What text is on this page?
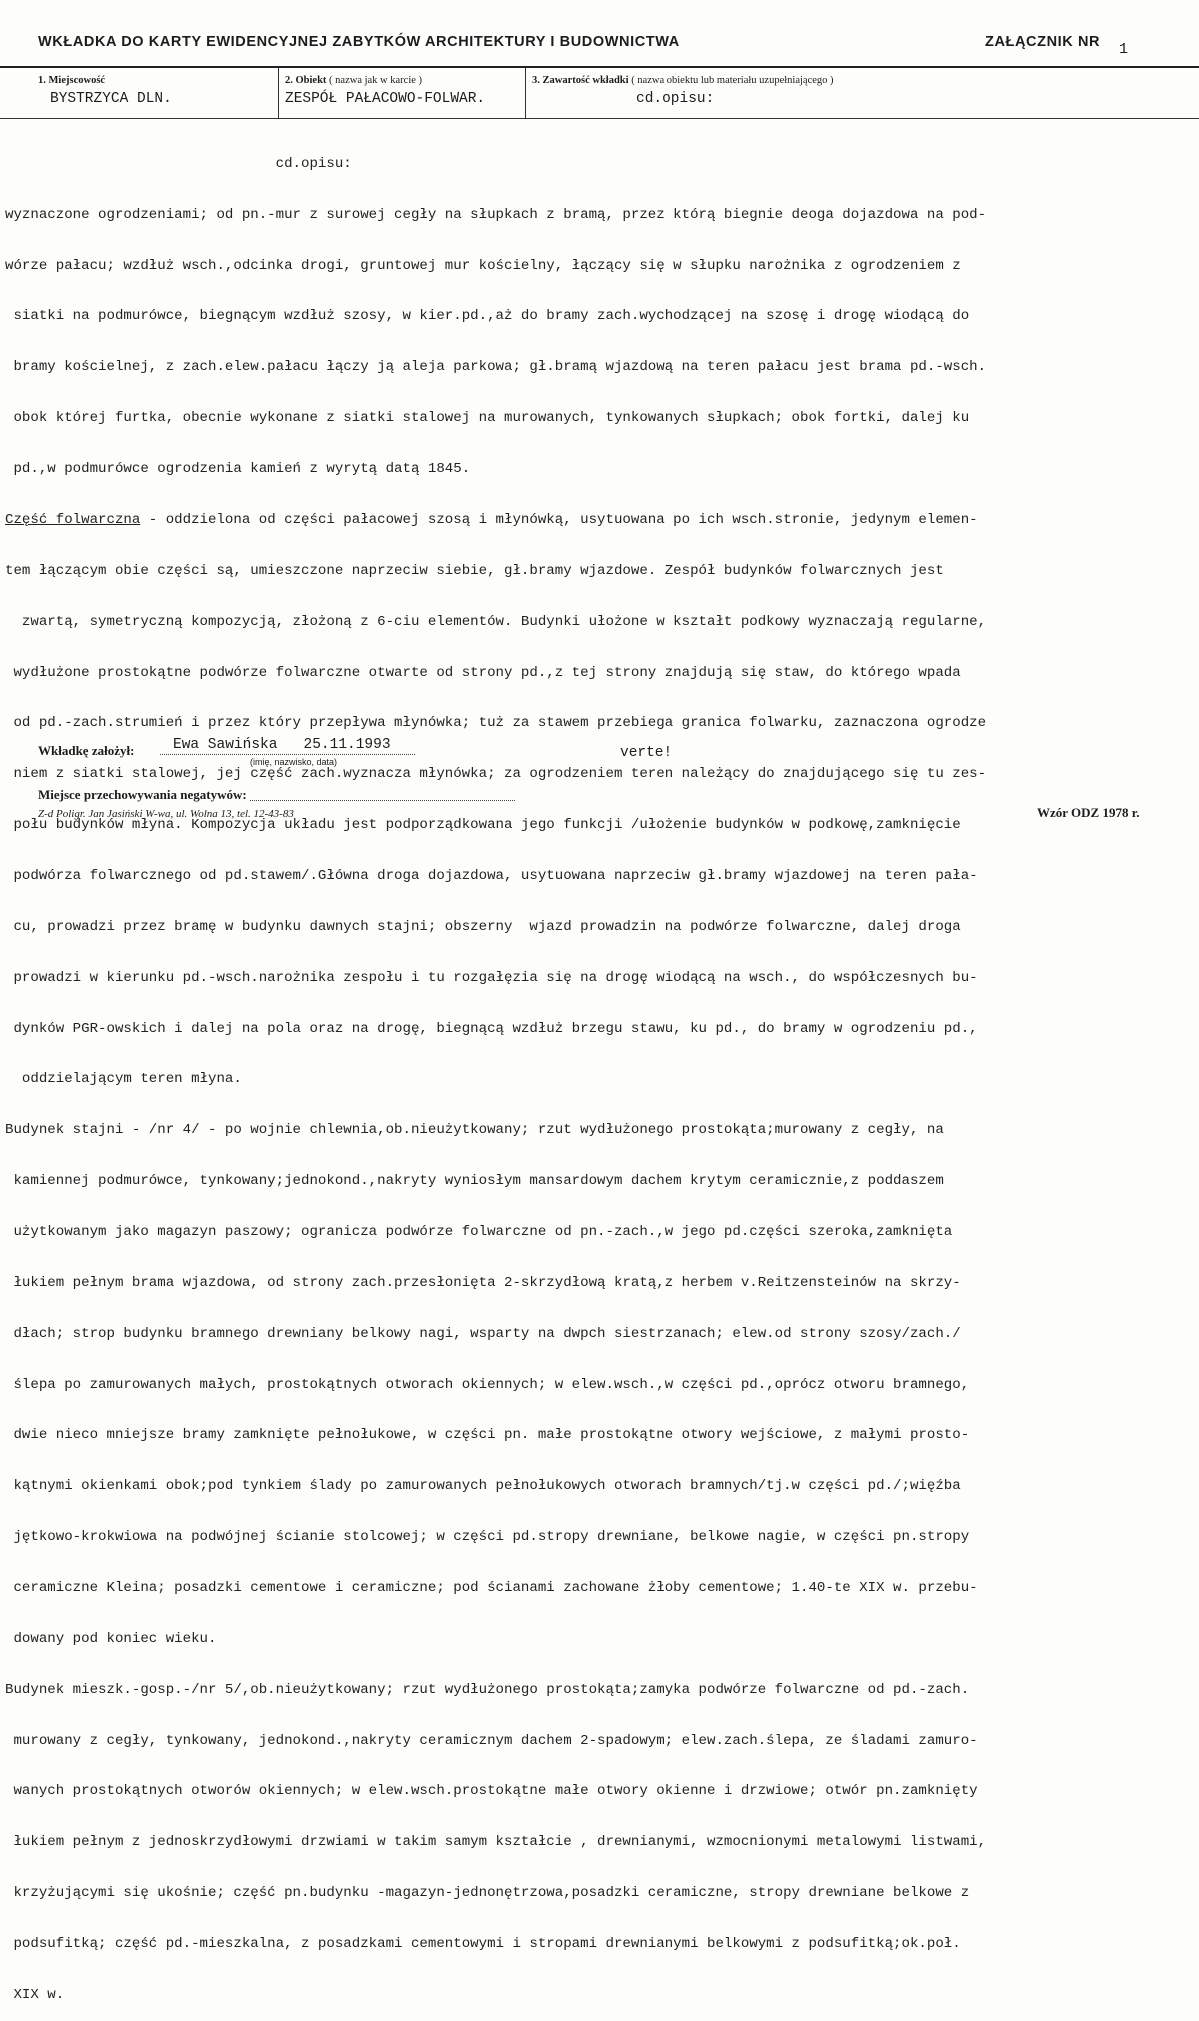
WKŁADKA DO KARTY EWIDENCYJNEJ ZABYTKÓW ARCHITEKTURY I BUDOWNICTWA	ZAŁĄCZNIK NR 1
1. Miejscowość
BYSTRZYCA DLN.
2. Obiekt ( nazwa jak w karcie )
ZESPÓŁ PAŁACOWO-FOLWAR.
3. Zawartość wkładki ( nazwa obiektu lub materiału uzupełniającego )
cd.opisu:

cd.opisu:

wyznaczone ogrodzeniami; od pn.-mur z surowej cegły na słupkach z bramą, przez którą biegnie deoga dojazdowa na pod-

wórze pałacu; wzdłuż wsch.,odcinka drogi, gruntowej mur kościelny, łączący się w słupku narożnika z ogrodzeniem z

siatki na podmurówce, biegnącym wzdłuż szosy, w kier.pd.,aż do bramy zach.wychodzącej na szosę i drogę wiodącą do

bramy kościelnej, z zach.elew.pałacu łączy ją aleja parkowa; gł.bramą wjazdową na teren pałacu jest brama pd.-wsch.

obok której furtka, obecnie wykonane z siatki stalowej na murowanych, tynkowanych słupkach; obok fortki, dalej ku

pd.,w podmurówce ogrodzenia kamień z wyrytą datą 1845.

Część folwarczna - oddzielona od części pałacowej szosą i młynówką, usytuowana po ich wsch.stronie, jedynym elemen-

tem łączącym obie części są, umieszczone naprzeciw siebie, gł.bramy wjazdowe. Zespół budynków folwarcznych jest

zwartą, symetryczną kompozycją, złożoną z 6-ciu elementów. Budynki ułożone w kształt podkowy wyznaczają regularne,

wydłużone prostokątne podwórze folwarczne otwarte od strony pd.,z tej strony znajdują się staw, do którego wpada

od pd.-zach.strumień i przez który przepływa młynówka; tuż za stawem przebiega granica folwarku, zaznaczona ogrodze

niem z siatki stalowej, jej część zach.wyznacza młynówka; za ogrodzeniem teren należący do znajdującego się tu zes-

połu budynków młyna. Kompozycja układu jest podporządkowana jego funkcji /ułożenie budynków w podkowę,zamknięcie

podwórza folwarcznego od pd.stawem/.Główna droga dojazdowa, usytuowana naprzeciw gł.bramy wjazdowej na teren pała-

cu, prowadzi przez bramę w budynku dawnych stajni; obszerny  wjazd prowadzin na podwórze folwarczne, dalej droga

prowadzi w kierunku pd.-wsch.narożnika zespołu i tu rozgałęzia się na drogę wiodącą na wsch., do współczesnych bu-

dynków PGR-owskich i dalej na pola oraz na drogę, biegnącą wzdłuż brzegu stawu, ku pd., do bramy w ogrodzeniu pd.,

oddzielającym teren młyna.

Budynek stajni - /nr 4/ - po wojnie chlewnia,ob.nieużytkowany; rzut wydłużonego prostokąta;murowany z cegły, na

kamiennej podmurówce, tynkowany;jednokond.,nakryty wyniosłym mansardowym dachem krytym ceramicznie,z poddaszem

użytkowanym jako magazyn paszowy; ogranicza podwórze folwarczne od pn.-zach.,w jego pd.części szeroka,zamknięta

łukiem pełnym brama wjazdowa, od strony zach.przesłonięta 2-skrzydłową kratą,z herbem v.Reitzensteinów na skrzy-

dłach; strop budynku bramnego drewniany belkowy nagi, wsparty na dwpch siestrzanach; elew.od strony szosy/zach./

ślepa po zamurowanych małych, prostokątnych otworach okiennych; w elew.wsch.,w części pd.,oprócz otworu bramnego,

dwie nieco mniejsze bramy zamknięte pełnołukowe, w części pn. małe prostokątne otwory wejściowe, z małymi prosto-

kątnymi okienkami obok;pod tynkiem ślady po zamurowanych pełnołukowych otworach bramnych/tj.w części pd./;więźba

jętkowo-krokwiowa na podwójnej ścianie stolcowej; w części pd.stropy drewniane, belkowe nagie, w części pn.stropy

ceramiczne Kleina; posadzki cementowe i ceramiczne; pod ścianami zachowane żłoby cementowe; 1.40-te XIX w. przebu-

dowany pod koniec wieku.

Budynek mieszk.-gosp.-/nr 5/,ob.nieużytkowany; rzut wydłużonego prostokąta;zamyka podwórze folwarczne od pd.-zach.

murowany z cegły, tynkowany, jednokond.,nakryty ceramicznym dachem 2-spadowym; elew.zach.ślepa, ze śladami zamuro-

wanych prostokątnych otworów okiennych; w elew.wsch.prostokątne małe otwory okienne i drzwiowe; otwór pn.zamknięty

łukiem pełnym z jednoskrzydłowymi drzwiami w takim samym kształcie , drewnianymi, wzmocnionymi metalowymi listwami,

krzyżującymi się ukośnie; część pn.budynku -magazyn-jednonętrzowa,posadzki ceramiczne, stropy drewniane belkowe z

podsufitką; część pd.-mieszkalna, z posadzkami cementowymi i stropami drewnianymi belkowymi z podsufitką;ok.poł.

XIX w.

Wkładkę założył:	Ewa Sawińska   25.11.1993
(imię, nazwisko, data)
verte!
Miejsce przechowywania negatywów:
Z-d Poligr. Jan Jasiński W-wa, ul. Wolna 13, tel. 12-43-83	Wzór ODZ 1978 r.
